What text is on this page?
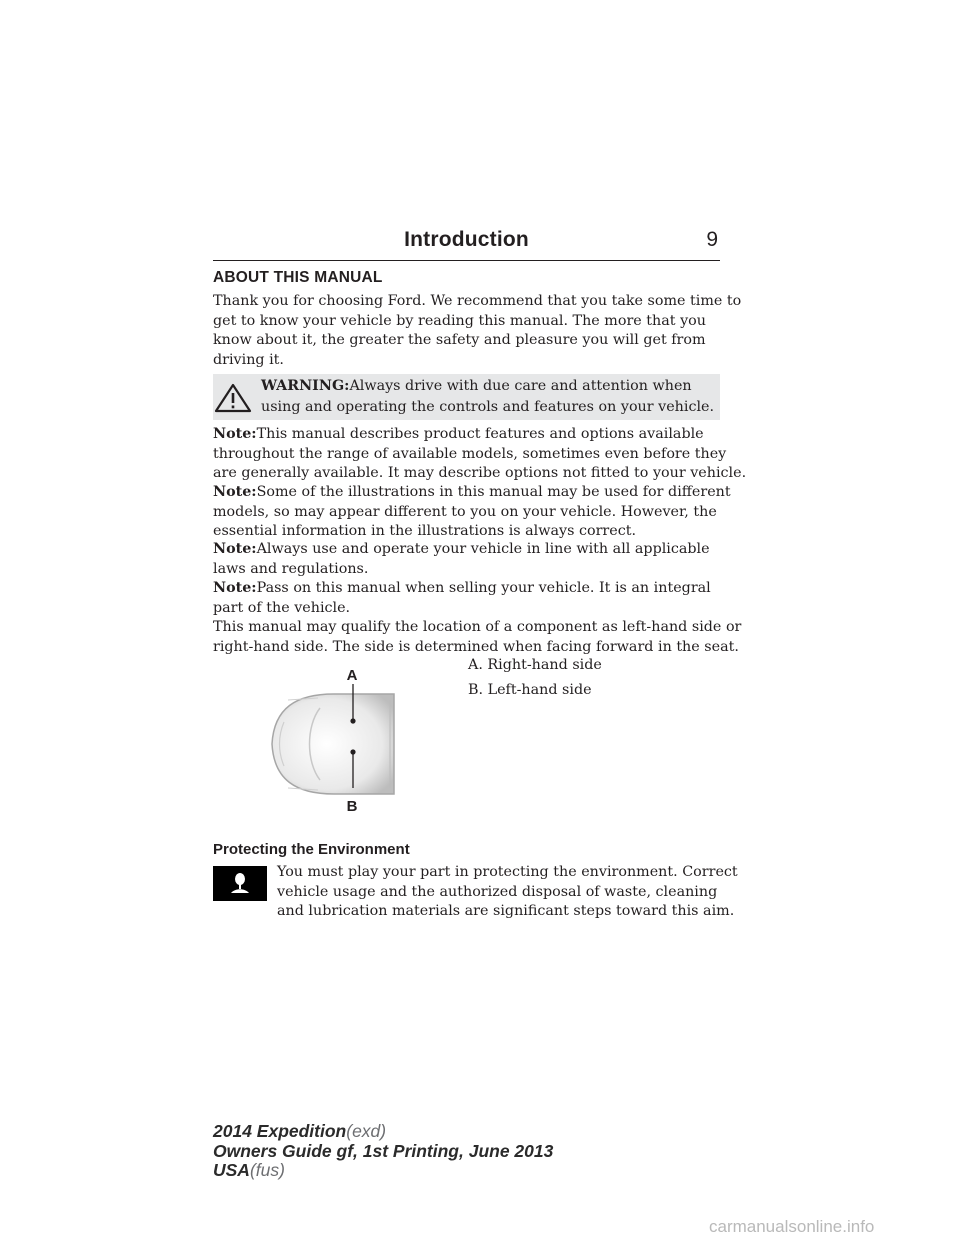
Introduction	9
ABOUT THIS MANUAL
Thank you for choosing Ford. We recommend that you take some time to
get to know your vehicle by reading this manual. The more that you
know about it, the greater the safety and pleasure you will get from
driving it.
WARNING:Always drive with due care and attention when
using and operating the controls and features on your vehicle.
Note:This manual describes product features and options available
throughout the range of available models, sometimes even before they
are generally available. It may describe options not fitted to your vehicle.
Note:Some of the illustrations in this manual may be used for different
models, so may appear different to you on your vehicle. However, the
essential information in the illustrations is always correct.
Note:Always use and operate your vehicle in line with all applicable
laws and regulations.
Note:Pass on this manual when selling your vehicle. It is an integral
part of the vehicle.
This manual may qualify the location of a component as left-hand side or
right-hand side. The side is determined when facing forward in the seat.
A
B
A. Right-hand side
B. Left-hand side
Protecting the Environment
You must play your part in protecting the environment. Correct
vehicle usage and the authorized disposal of waste, cleaning
and lubrication materials are significant steps toward this aim.
2014 Expedition(exd)
Owners Guide gf, 1st Printing, June 2013
USA(fus)
carmanualsonline.info
